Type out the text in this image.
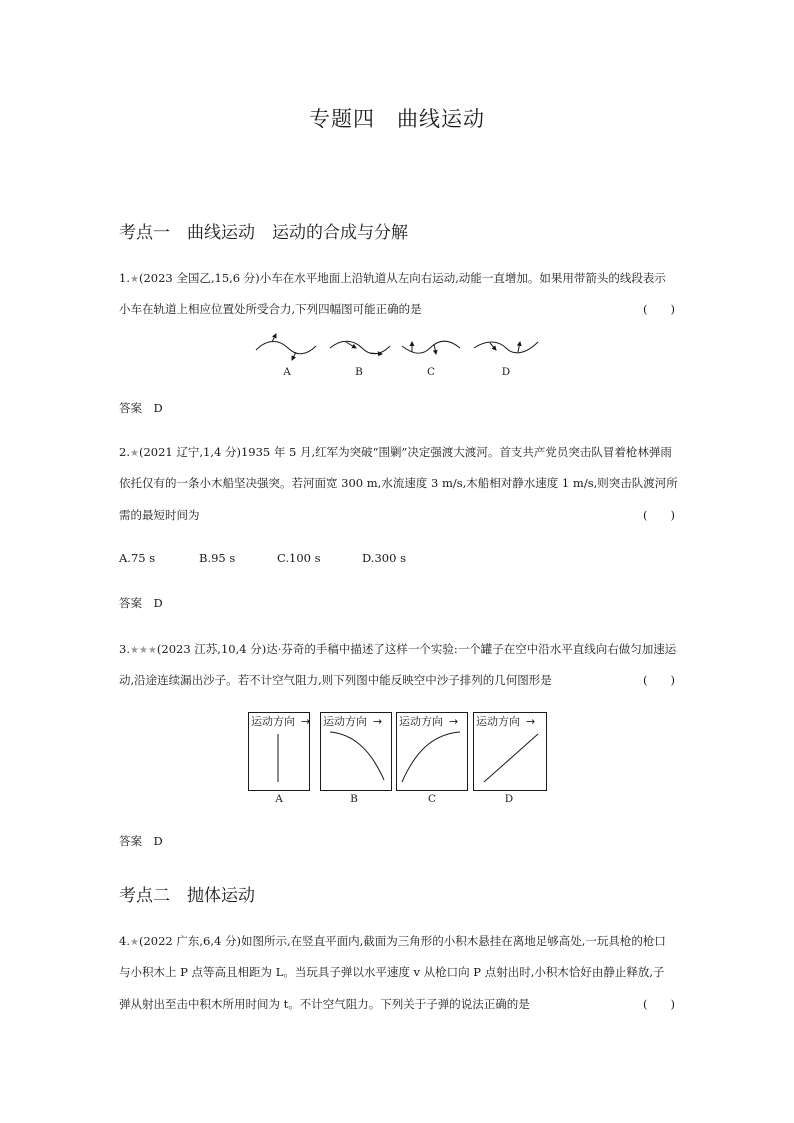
专题四　曲线运动
考点一　曲线运动　运动的合成与分解
1.★(2023 全国乙,15,6 分)小车在水平地面上沿轨道从左向右运动,动能一直增加。如果用带箭头的线段表示
小车在轨道上相应位置处所受合力,下列四幅图可能正确的是	(　　)
A	B	C	D
答案　D
2.★(2021 辽宁,1,4 分)1935 年 5 月,红军为突破“围剿”决定强渡大渡河。首支共产党员突击队冒着枪林弹雨
依托仅有的一条小木船坚决强突。若河面宽 300 m,水流速度 3 m/s,木船相对静水速度 1 m/s,则突击队渡河所
需的最短时间为	(　　)
A.75 s	B.95 s	C.100 s	D.300 s
答案　D
3.★★★(2023 江苏,10,4 分)达·芬奇的手稿中描述了这样一个实验:一个罐子在空中沿水平直线向右做匀加速运
动,沿途连续漏出沙子。若不计空气阻力,则下列图中能反映空中沙子排列的几何图形是	(　　)
运动方向 → 运动方向 → 运动方向 → 运动方向 →
A	B	C	D
答案　D
考点二　抛体运动
4.★(2022 广东,6,4 分)如图所示,在竖直平面内,截面为三角形的小积木悬挂在离地足够高处,一玩具枪的枪口
与小积木上 P 点等高且相距为 L。当玩具子弹以水平速度 v 从枪口向 P 点射出时,小积木恰好由静止释放,子
弹从射出至击中积木所用时间为 t。不计空气阻力。下列关于子弹的说法正确的是	(　　)
